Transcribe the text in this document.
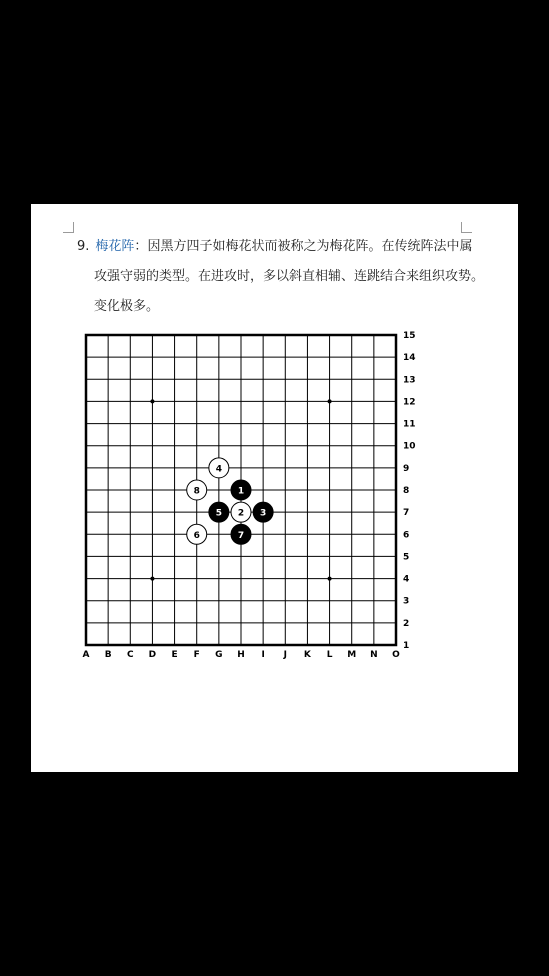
9. 梅花阵：因黑方四子如梅花状而被称之为梅花阵。在传统阵法中属
攻强守弱的类型。在进攻时，多以斜直相辅、连跳结合来组织攻势。
变化极多。
A B C D E F G H I J K L M N O
1
2
3
4
5
6
7
8
9
10
11
12
13
14
15
1
2 3
4
5
6	7
8
